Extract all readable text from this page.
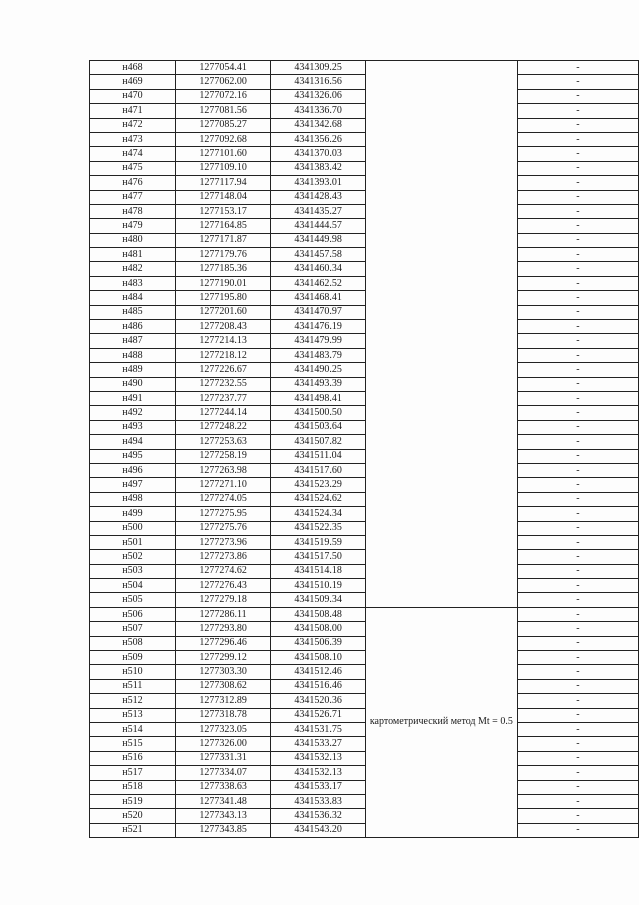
н468	1277054.41	4341309.25		-
н469	1277062.00	4341316.56		-
н470	1277072.16	4341326.06		-
н471	1277081.56	4341336.70		-
н472	1277085.27	4341342.68		-
н473	1277092.68	4341356.26		-
н474	1277101.60	4341370.03		-
н475	1277109.10	4341383.42		-
н476	1277117.94	4341393.01		-
н477	1277148.04	4341428.43		-
н478	1277153.17	4341435.27		-
н479	1277164.85	4341444.57		-
н480	1277171.87	4341449.98		-
н481	1277179.76	4341457.58		-
н482	1277185.36	4341460.34		-
н483	1277190.01	4341462.52		-
н484	1277195.80	4341468.41		-
н485	1277201.60	4341470.97		-
н486	1277208.43	4341476.19		-
н487	1277214.13	4341479.99		-
н488	1277218.12	4341483.79		-
н489	1277226.67	4341490.25		-
н490	1277232.55	4341493.39		-
н491	1277237.77	4341498.41		-
н492	1277244.14	4341500.50		-
н493	1277248.22	4341503.64		-
н494	1277253.63	4341507.82		-
н495	1277258.19	4341511.04		-
н496	1277263.98	4341517.60		-
н497	1277271.10	4341523.29		-
н498	1277274.05	4341524.62		-
н499	1277275.95	4341524.34		-
н500	1277275.76	4341522.35		-
н501	1277273.96	4341519.59		-
н502	1277273.86	4341517.50		-
н503	1277274.62	4341514.18		-
н504	1277276.43	4341510.19		-
н505	1277279.18	4341509.34		-
н506	1277286.11	4341508.48	картометрический метод Mt = 0.5	-
н507	1277293.80	4341508.00		-
н508	1277296.46	4341506.39		-
н509	1277299.12	4341508.10		-
н510	1277303.30	4341512.46		-
н511	1277308.62	4341516.46		-
н512	1277312.89	4341520.36		-
н513	1277318.78	4341526.71		-
н514	1277323.05	4341531.75		-
н515	1277326.00	4341533.27		-
н516	1277331.31	4341532.13		-
н517	1277334.07	4341532.13		-
н518	1277338.63	4341533.17		-
н519	1277341.48	4341533.83		-
н520	1277343.13	4341536.32		-
н521	1277343.85	4341543.20		-
